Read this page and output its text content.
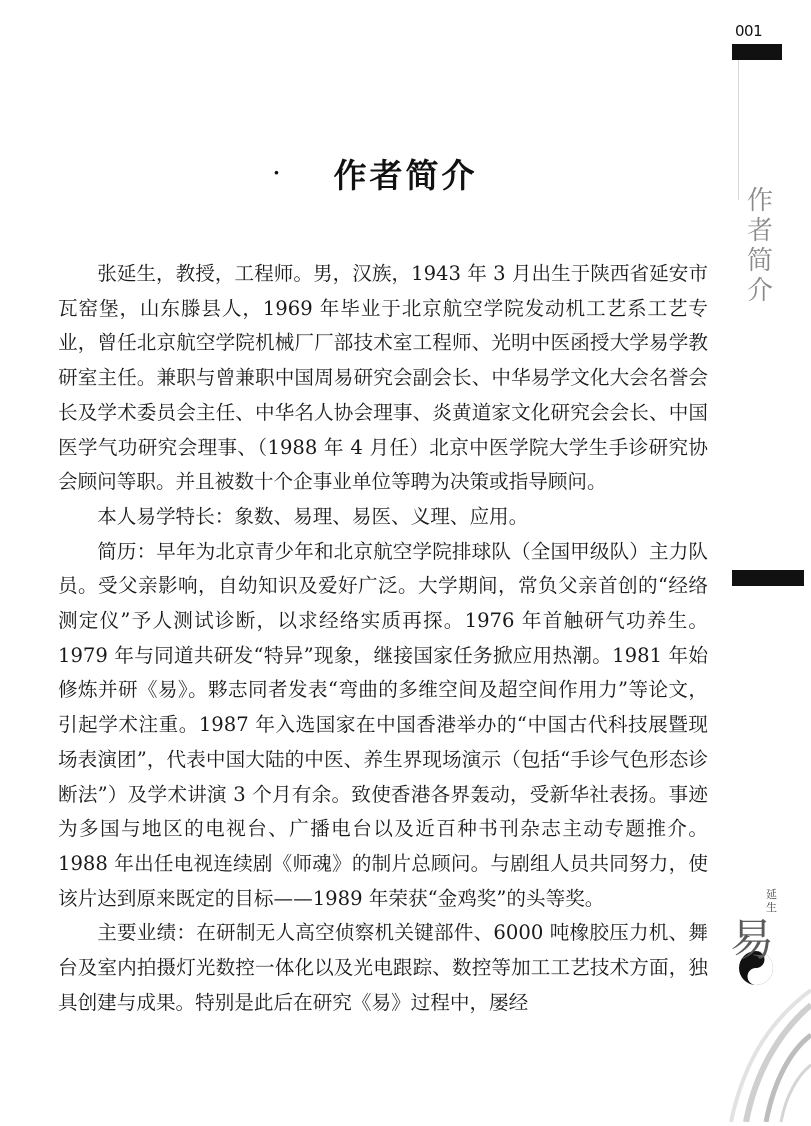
001
作
者
简
介
.	作者简介

张延生，教授，工程师。男，汉族，1943 年 3 月出生于陕西省延安市瓦窑堡，山东滕县人，1969 年毕业于北京航空学院发动机工艺系工艺专业，曾任北京航空学院机械厂厂部技术室工程师、光明中医函授大学易学教研室主任。兼职与曾兼职中国周易研究会副会长、中华易学文化大会名誉会长及学术委员会主任、中华名人协会理事、炎黄道家文化研究会会长、中国医学气功研究会理事、（1988 年 4 月任）北京中医学院大学生手诊研究协会顾问等职。并且被数十个企事业单位等聘为决策或指导顾问。

本人易学特长：象数、易理、易医、义理、应用。

简历：早年为北京青少年和北京航空学院排球队（全国甲级队）主力队员。受父亲影响，自幼知识及爱好广泛。大学期间，常负父亲首创的“经络测定仪”予人测试诊断，以求经络实质再探。1976 年首触研气功养生。1979 年与同道共研发“特异”现象，继接国家任务掀应用热潮。1981 年始修炼并研《易》。夥志同者发表“弯曲的多维空间及超空间作用力”等论文，引起学术注重。1987 年入选国家在中国香港举办的“中国古代科技展暨现场表演团”，代表中国大陆的中医、养生界现场演示（包括“手诊气色形态诊断法”）及学术讲演 3 个月有余。致使香港各界轰动，受新华社表扬。事迹为多国与地区的电视台、广播电台以及近百种书刊杂志主动专题推介。1988 年出任电视连续剧《师魂》的制片总顾问。与剧组人员共同努力，使该片达到原来既定的目标——1989 年荣获“金鸡奖”的头等奖。

主要业绩：在研制无人高空侦察机关键部件、6000 吨橡胶压力机、舞台及室内拍摄灯光数控一体化以及光电跟踪、数控等加工工艺技术方面，独具创建与成果。特别是此后在研究《易》过程中，屡经

延生
易
